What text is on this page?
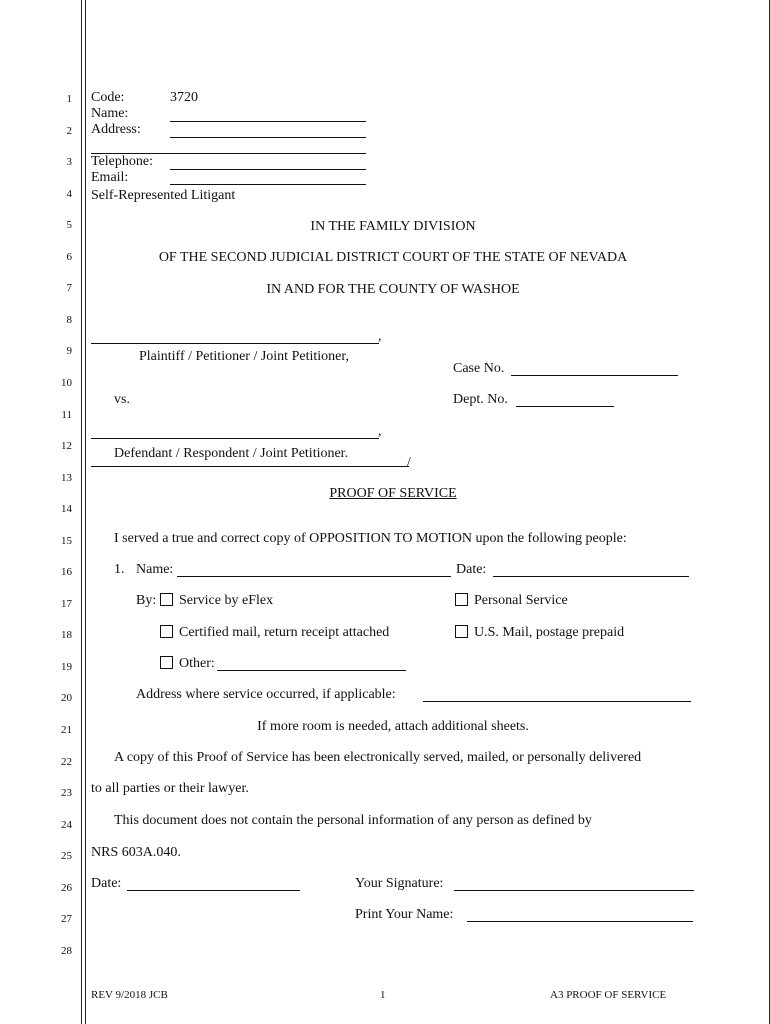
1
2
3
4
5
6
7
8
9
10
11
12
13
14
15
16
17
18
19
20
21
22
23
24
25
26
27
28
Code:	3720
Name:
Address:
Telephone:
Email:
Self-Represented Litigant
IN THE FAMILY DIVISION
OF THE SECOND JUDICIAL DISTRICT COURT OF THE STATE OF NEVADA
IN AND FOR THE COUNTY OF WASHOE
,
Plaintiff / Petitioner / Joint Petitioner,
Case No.
vs.	Dept. No.
,
Defendant / Respondent / Joint Petitioner.
/
PROOF OF SERVICE
I served a true and correct copy of OPPOSITION TO MOTION upon the following people:
1. Name:	Date:
By: Service by eFlex	Personal Service
Certified mail, return receipt attached	U.S. Mail, postage prepaid
Other:
Address where service occurred, if applicable:
If more room is needed, attach additional sheets.
A copy of this Proof of Service has been electronically served, mailed, or personally delivered
to all parties or their lawyer.
This document does not contain the personal information of any person as defined by
NRS 603A.040.
Date:	Your Signature:
Print Your Name:
REV 9/2018 JCB	1	A3 PROOF OF SERVICE
